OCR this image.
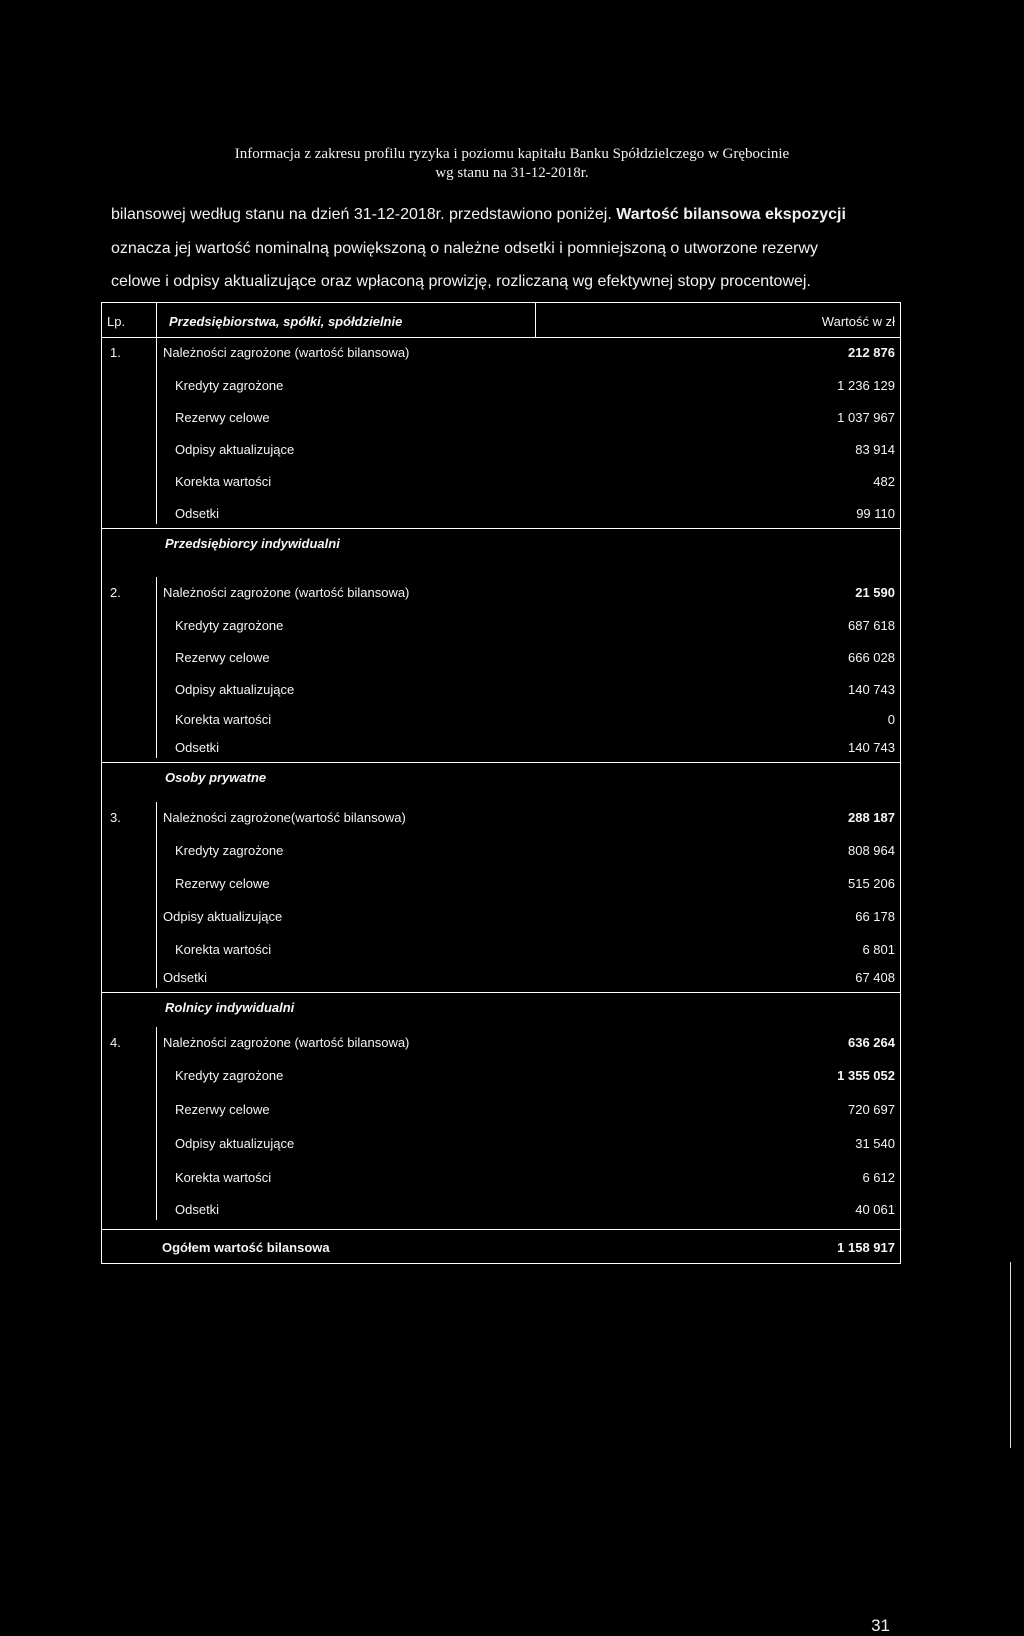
Informacja z zakresu profilu ryzyka i poziomu kapitału Banku Spółdzielczego w Grębocinie
wg stanu na 31-12-2018r.
bilansowej według stanu na dzień 31-12-2018r. przedstawiono poniżej. Wartość bilansowa ekspozycji
oznacza jej wartość nominalną powiększoną o należne odsetki i pomniejszoną o utworzone rezerwy
celowe i odpisy aktualizujące oraz wpłaconą prowizję, rozliczaną wg efektywnej stopy procentowej.
Lp.	Przedsiębiorstwa, spółki, spółdzielnie	Wartość w zł
1.	Należności zagrożone (wartość bilansowa)	212 876
Kredyty zagrożone	1 236 129
Rezerwy celowe	1 037 967
Odpisy aktualizujące	83 914
Korekta wartości	482
Odsetki	99 110
Przedsiębiorcy indywidualni
2.	Należności zagrożone (wartość bilansowa)	21 590
Kredyty zagrożone	687 618
Rezerwy celowe	666 028
Odpisy aktualizujące	140 743
Korekta wartości	0
Odsetki	140 743
Osoby prywatne
3.	Należności zagrożone(wartość bilansowa)	288 187
Kredyty zagrożone	808 964
Rezerwy celowe	515 206
Odpisy aktualizujące	66 178
Korekta wartości	6 801
Odsetki	67 408
Rolnicy indywidualni
4.	Należności zagrożone (wartość bilansowa)	636 264
Kredyty zagrożone	1 355 052
Rezerwy celowe	720 697
Odpisy aktualizujące	31 540
Korekta wartości	6 612
Odsetki	40 061
Ogółem wartość bilansowa	1 158 917
31
